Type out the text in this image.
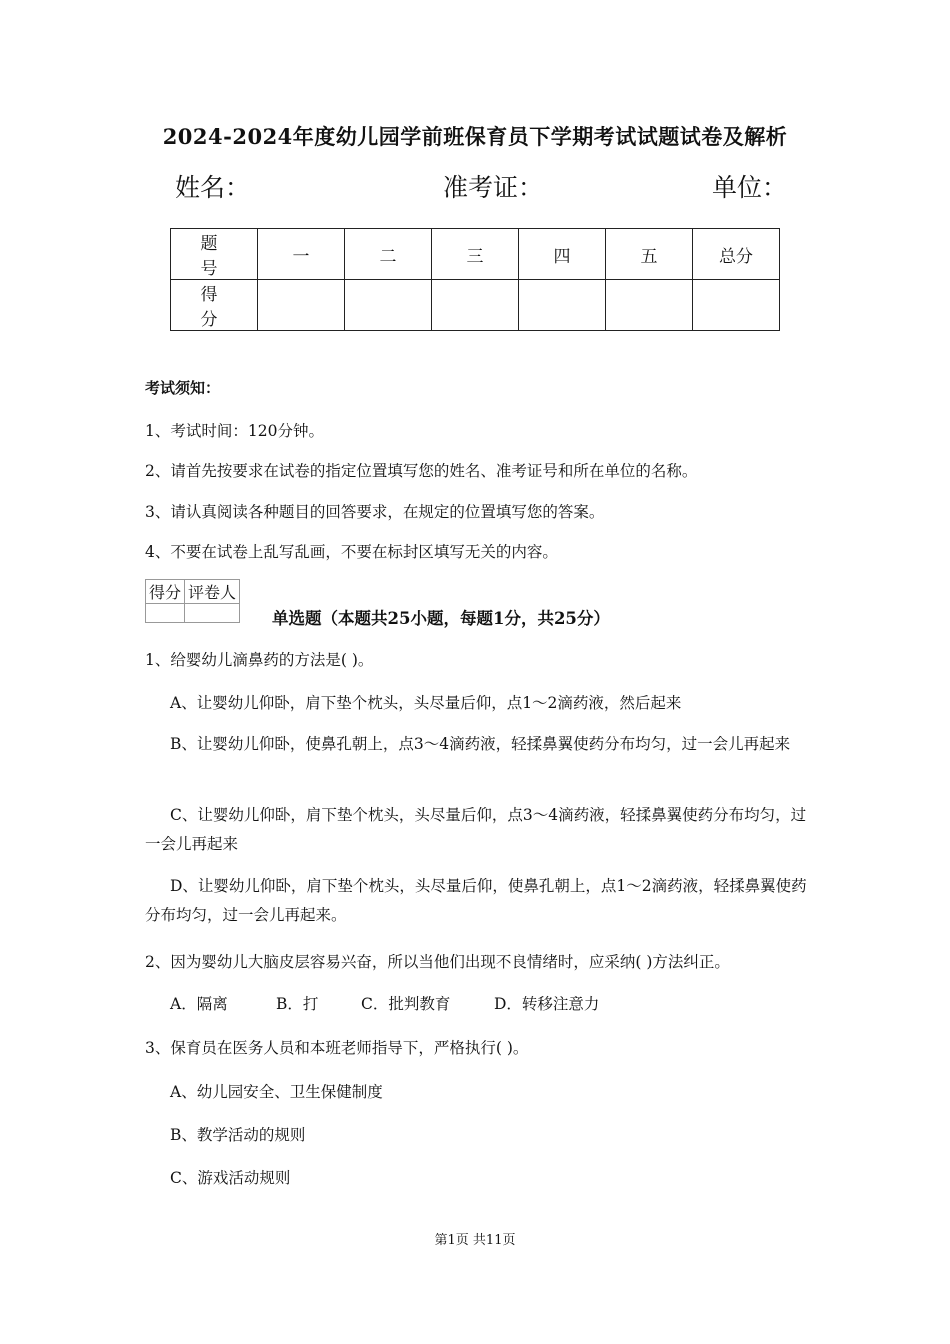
2024-2024年度幼儿园学前班保育员下学期考试试题试卷及解析
姓名：	准考证：	单位：
题 号	一	二	三	四	五	总分
得 分						
考试须知：
1、考试时间：120分钟。
2、请首先按要求在试卷的指定位置填写您的姓名、准考证号和所在单位的名称。
3、请认真阅读各种题目的回答要求，在规定的位置填写您的答案。
4、不要在试卷上乱写乱画，不要在标封区填写无关的内容。
得分	评卷人

单选题（本题共25小题，每题1分，共25分）
1、给婴幼儿滴鼻药的方法是( )。
A、让婴幼儿仰卧，肩下垫个枕头，头尽量后仰，点1～2滴药液，然后起来
B、让婴幼儿仰卧，使鼻孔朝上，点3～4滴药液，轻揉鼻翼使药分布均匀，过一会儿再起来
C、让婴幼儿仰卧，肩下垫个枕头，头尽量后仰，点3～4滴药液，轻揉鼻翼使药分布均匀，过一会儿再起来
D、让婴幼儿仰卧，肩下垫个枕头，头尽量后仰，使鼻孔朝上，点1～2滴药液，轻揉鼻翼使药分布均匀，过一会儿再起来。
2、因为婴幼儿大脑皮层容易兴奋，所以当他们出现不良情绪时，应采纳( )方法纠正。
A．隔离	B．打	C．批判教育	D．转移注意力
3、保育员在医务人员和本班老师指导下，严格执行( )。
A、幼儿园安全、卫生保健制度
B、教学活动的规则
C、游戏活动规则
第1页 共11页
